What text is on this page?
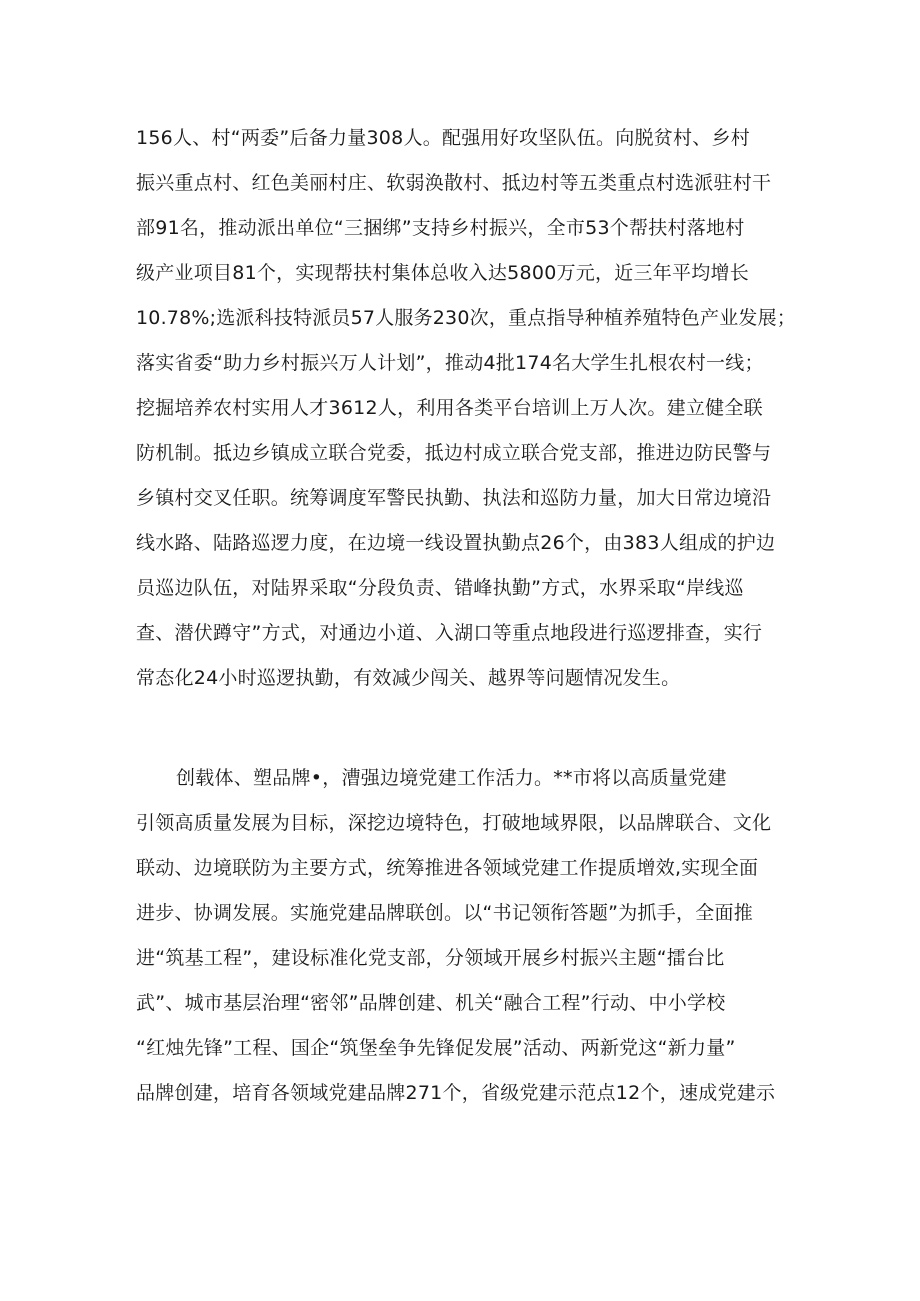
156人、村“两委”后备力量308人。配强用好攻坚队伍。向脱贫村、乡村
振兴重点村、红色美丽村庄、软弱涣散村、抵边村等五类重点村选派驻村干
部91名，推动派出单位“三捆绑”支持乡村振兴，全市53个帮扶村落地村
级产业项目81个，实现帮扶村集体总收入达5800万元，近三年平均增长
10.78%;选派科技特派员57人服务230次，重点指导种植养殖特色产业发展；
落实省委“助力乡村振兴万人计划”，推动4批174名大学生扎根农村一线；
挖掘培养农村实用人才3612人，利用各类平台培训上万人次。建立健全联
防机制。抵边乡镇成立联合党委，抵边村成立联合党支部，推进边防民警与
乡镇村交叉任职。统筹调度军警民执勤、执法和巡防力量，加大日常边境沿
线水路、陆路巡逻力度，在边境一线设置执勤点26个，由383人组成的护边
员巡边队伍，对陆界采取“分段负责、错峰执勤”方式，水界采取“岸线巡
查、潜伏蹲守”方式，对通边小道、入湖口等重点地段进行巡逻排查，实行
常态化24小时巡逻执勤，有效减少闯关、越界等问题情况发生。
创载体、塑品牌•，漕强边境党建工作活力。**市将以高质量党建
引领高质量发展为目标，深挖边境特色，打破地域界限，以品牌联合、文化
联动、边境联防为主要方式，统筹推进各领域党建工作提质增效,实现全面
进步、协调发展。实施党建品牌联创。以“书记领衔答题”为抓手，全面推
进“筑基工程”，建设标准化党支部，分领域开展乡村振兴主题“擂台比
武”、城市基层治理“密邻”品牌创建、机关“融合工程”行动、中小学校
“红烛先锋”工程、国企“筑堡垒争先锋促发展”活动、两新党这“新力量”
品牌创建，培育各领域党建品牌271个，省级党建示范点12个，速成党建示
